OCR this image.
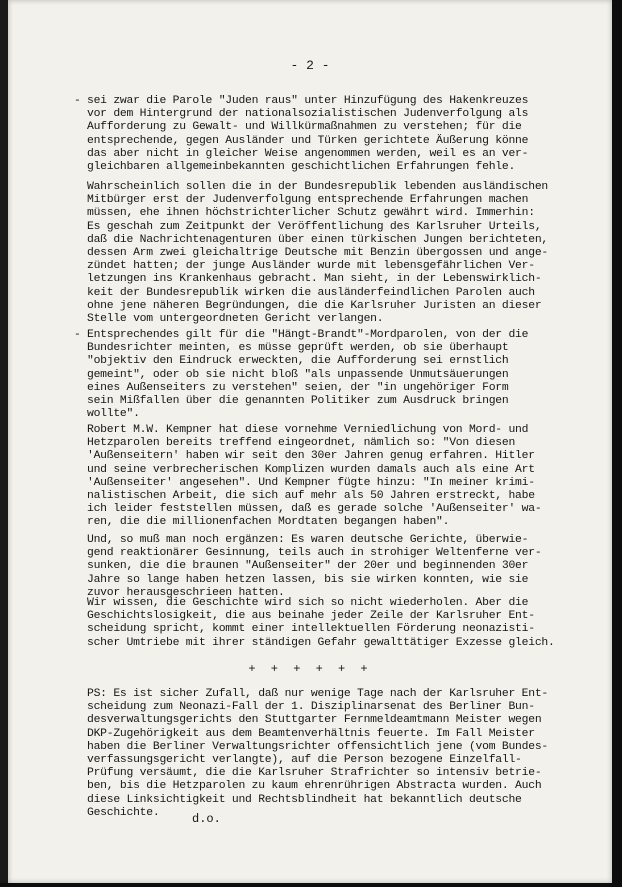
- 2 -
- sei zwar die Parole "Juden raus" unter Hinzufügung des Hakenkreuzes
vor dem Hintergrund der nationalsozialistischen Judenverfolgung als
Aufforderung zu Gewalt- und Willkürmaßnahmen zu verstehen; für die
entsprechende, gegen Ausländer und Türken gerichtete Äußerung könne
das aber nicht in gleicher Weise angenommen werden, weil es an ver-
gleichbaren allgemeinbekannten geschichtlichen Erfahrungen fehle.
Wahrscheinlich sollen die in der Bundesrepublik lebenden ausländischen
Mitbürger erst der Judenverfolgung entsprechende Erfahrungen machen
müssen, ehe ihnen höchstrichterlicher Schutz gewährt wird. Immerhin:
Es geschah zum Zeitpunkt der Veröffentlichung des Karlsruher Urteils,
daß die Nachrichtenagenturen über einen türkischen Jungen berichteten,
dessen Arm zwei gleichaltrige Deutsche mit Benzin übergossen und ange-
zündet hatten; der junge Ausländer wurde mit lebensgefährlichen Ver-
letzungen ins Krankenhaus gebracht. Man sieht, in der Lebenswirklich-
keit der Bundesrepublik wirken die ausländerfeindlichen Parolen auch
ohne jene näheren Begründungen, die die Karlsruher Juristen an dieser
Stelle vom untergeordneten Gericht verlangen.
- Entsprechendes gilt für die "Hängt-Brandt"-Mordparolen, von der die
Bundesrichter meinten, es müsse geprüft werden, ob sie überhaupt
"objektiv den Eindruck erweckten, die Aufforderung sei ernstlich
gemeint", oder ob sie nicht bloß "als unpassende Unmutsäuerungen
eines Außenseiters zu verstehen" seien, der "in ungehöriger Form
sein Mißfallen über die genannten Politiker zum Ausdruck bringen
wollte".
Robert M.W. Kempner hat diese vornehme Verniedlichung von Mord- und
Hetzparolen bereits treffend eingeordnet, nämlich so: "Von diesen
'Außenseitern' haben wir seit den 30er Jahren genug erfahren. Hitler
und seine verbrecherischen Komplizen wurden damals auch als eine Art
'Außenseiter' angesehen". Und Kempner fügte hinzu: "In meiner krimi-
nalistischen Arbeit, die sich auf mehr als 50 Jahren erstreckt, habe
ich leider feststellen müssen, daß es gerade solche 'Außenseiter' wa-
ren, die die millionenfachen Mordtaten begangen haben".
Und, so muß man noch ergänzen: Es waren deutsche Gerichte, überwie-
gend reaktionärer Gesinnung, teils auch in strohiger Weltenferne ver-
sunken, die die braunen "Außenseiter" der 20er und beginnenden 30er
Jahre so lange haben hetzen lassen, bis sie wirken konnten, wie sie
zuvor herausgeschrieen hatten.
Wir wissen, die Geschichte wird sich so nicht wiederholen. Aber die
Geschichtslosigkeit, die aus beinahe jeder Zeile der Karlsruher Ent-
scheidung spricht, kommt einer intellektuellen Förderung neonazisti-
scher Umtriebe mit ihrer ständigen Gefahr gewalttätiger Exzesse gleich.
+ + + + + +
PS: Es ist sicher Zufall, daß nur wenige Tage nach der Karlsruher Ent-
scheidung zum Neonazi-Fall der 1. Disziplinarsenat des Berliner Bun-
desverwaltungsgerichts den Stuttgarter Fernmeldeamtmann Meister wegen
DKP-Zugehörigkeit aus dem Beamtenverhältnis feuerte. Im Fall Meister
haben die Berliner Verwaltungsrichter offensichtlich jene (vom Bundes-
verfassungsgericht verlangte), auf die Person bezogene Einzelfall-
Prüfung versäumt, die die Karlsruher Strafrichter so intensiv betrie-
ben, bis die Hetzparolen zu kaum ehrenrührigen Abstracta wurden. Auch
diese Linksichtigkeit und Rechtsblindheit hat bekanntlich deutsche
Geschichte.	d.o.
